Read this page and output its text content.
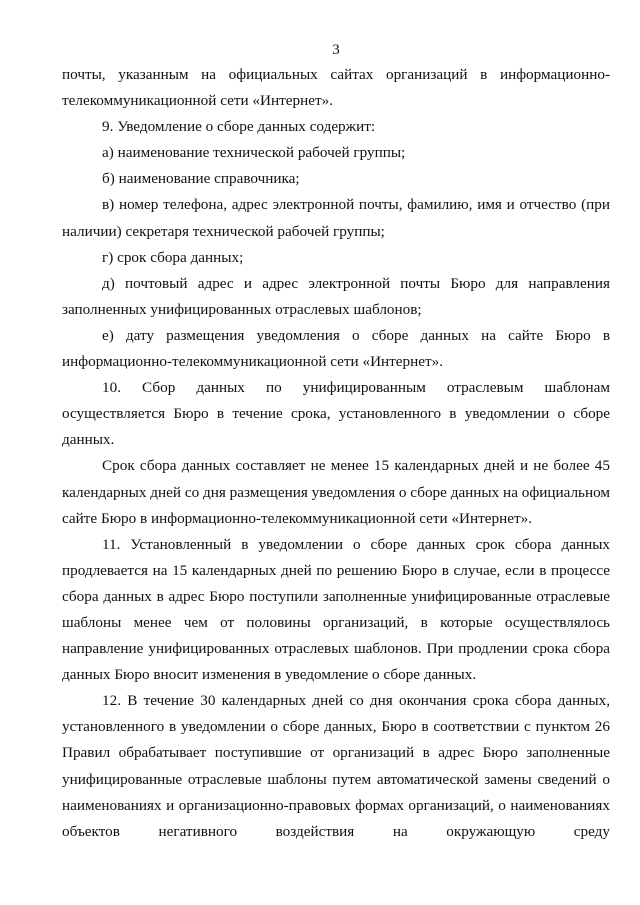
3

почты, указанным на официальных сайтах организаций в информационно-телекоммуникационной сети «Интернет».

9. Уведомление о сборе данных содержит:

а) наименование технической рабочей группы;

б) наименование справочника;

в) номер телефона, адрес электронной почты, фамилию, имя и отчество (при наличии) секретаря технической рабочей группы;

г) срок сбора данных;

д) почтовый адрес и адрес электронной почты Бюро для направления заполненных унифицированных отраслевых шаблонов;

е) дату размещения уведомления о сборе данных на сайте Бюро в информационно-телекоммуникационной сети «Интернет».

10. Сбор данных по унифицированным отраслевым шаблонам осуществляется Бюро в течение срока, установленного в уведомлении о сборе данных.

Срок сбора данных составляет не менее 15 календарных дней и не более 45 календарных дней со дня размещения уведомления о сборе данных на официальном сайте Бюро в информационно-телекоммуникационной сети «Интернет».

11. Установленный в уведомлении о сборе данных срок сбора данных продлевается на 15 календарных дней по решению Бюро в случае, если в процессе сбора данных в адрес Бюро поступили заполненные унифицированные отраслевые шаблоны менее чем от половины организаций, в которые осуществлялось направление унифицированных отраслевых шаблонов. При продлении срока сбора данных Бюро вносит изменения в уведомление о сборе данных.

12. В течение 30 календарных дней со дня окончания срока сбора данных, установленного в уведомлении о сборе данных, Бюро в соответствии с пунктом 26 Правил обрабатывает поступившие от организаций в адрес Бюро заполненные унифицированные отраслевые шаблоны путем автоматической замены сведений о наименованиях и организационно-правовых формах организаций, о наименованиях объектов негативного воздействия на окружающую среду
